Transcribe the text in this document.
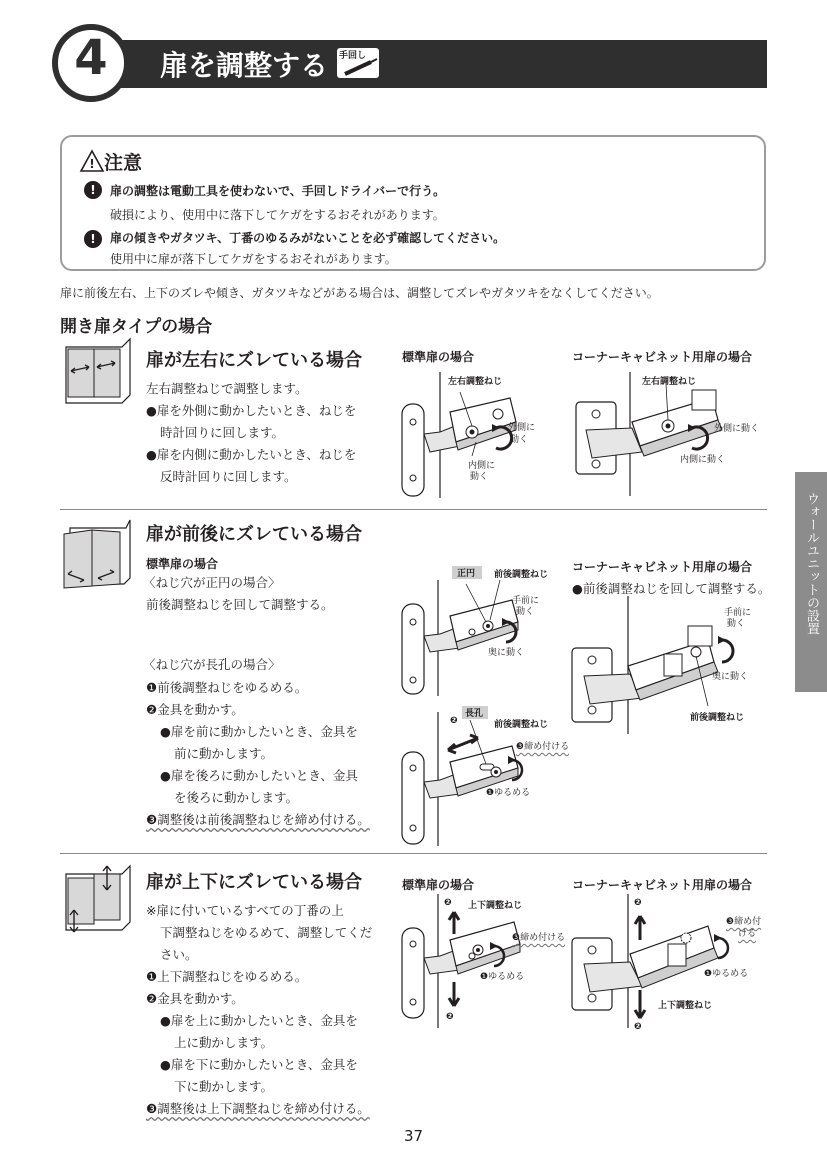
4	扉を調整する 手回し
! 注意
!	扉の調整は電動工具を使わないで、手回しドライバーで行う。
破損により、使用中に落下してケガをするおそれがあります。
!	扉の傾きやガタツキ、丁番のゆるみがないことを必ず確認してください。
使用中に扉が落下してケガをするおそれがあります。
扉に前後左右、上下のズレや傾き、ガタツキなどがある場合は、調整してズレやガタツキをなくしてください。
開き扉タイプの場合
ウォールユニットの設置
扉が左右にズレている場合
左右調整ねじで調整します。
●扉を外側に動かしたいとき、ねじを
時計回りに回します。
●扉を内側に動かしたいとき、ねじを
反時計回りに回します。
標準扉の場合	コーナーキャビネット用扉の場合
左右調整ねじ
外側に
動く
内側に
動く
左右調整ねじ
外側に動く
内側に動く
扉が前後にズレている場合
標準扉の場合
〈ねじ穴が正円の場合〉
前後調整ねじを回して調整する。
〈ねじ穴が長孔の場合〉
❶前後調整ねじをゆるめる。
❷金具を動かす。
●扉を前に動かしたいとき、金具を
前に動かします。
●扉を後ろに動かしたいとき、金具
を後ろに動かします。
❸調整後は前後調整ねじを締め付ける。
正円 前後調整ねじ
手前に
動く
奥に動く
長孔
前後調整ねじ
❷
❸締め付ける
❶ゆるめる
コーナーキャビネット用扉の場合
●前後調整ねじを回して調整する。
手前に
動く
奥に動く
前後調整ねじ
扉が上下にズレている場合
※扉に付いているすべての丁番の上
下調整ねじをゆるめて、調整してくだ
さい。
❶上下調整ねじをゆるめる。
❷金具を動かす。
●扉を上に動かしたいとき、金具を
上に動かします。
●扉を下に動かしたいとき、金具を
下に動かします。
❸調整後は上下調整ねじを締め付ける。
標準扉の場合	コーナーキャビネット用扉の場合
❷ 上下調整ねじ
❸締め付ける
❶ゆるめる
❷
❷
❸締め付
ける
❶ゆるめる
上下調整ねじ
❷
37
